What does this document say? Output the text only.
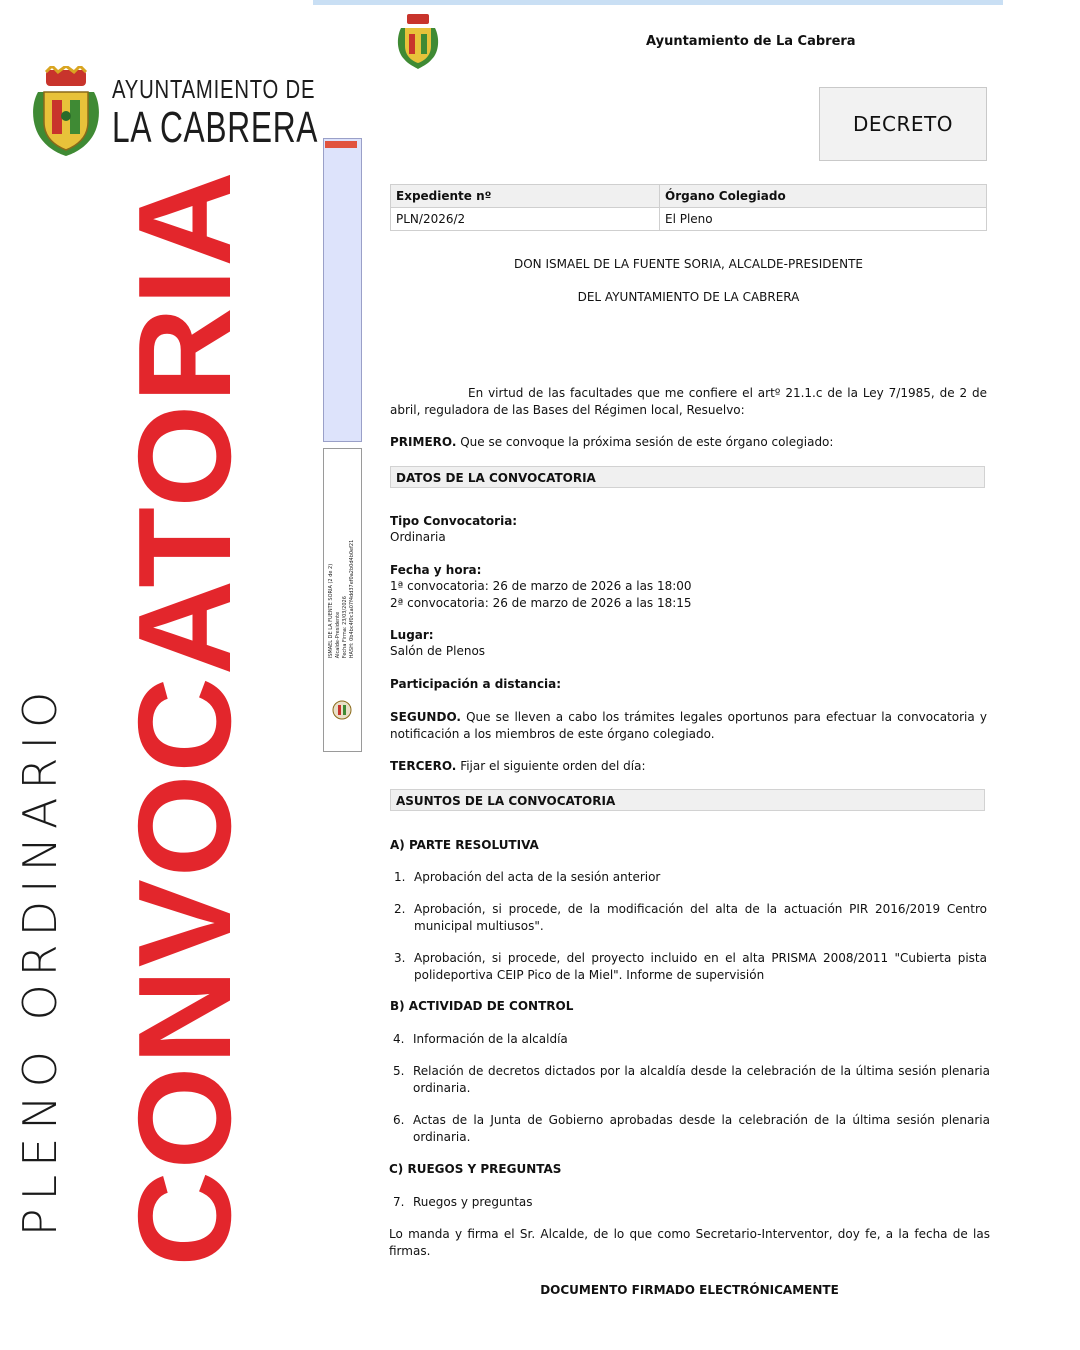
AYUNTAMIENTO DE
LA CABRERA
CONVOCATORIA
PLENO ORDINARIO
Ayuntamiento de La Cabrera
DECRETO
ISMAEL DE LA FUENTE SORIA (2 de 2) Alcalde-Presidente Fecha Firma: 23/03/2026 HASH: 0b4bc4f0c1a07f4dd37ef0a2b0d4b0ef21
Expediente nº	Órgano Colegiado
PLN/2026/2	El Pleno
DON ISMAEL DE LA FUENTE SORIA, ALCALDE-PRESIDENTE
DEL AYUNTAMIENTO DE LA CABRERA
En virtud de las facultades que me confiere el artº 21.1.c de la Ley 7/1985, de 2 de abril, reguladora de las Bases del Régimen local, Resuelvo:
PRIMERO. Que se convoque la próxima sesión de este órgano colegiado:
DATOS DE LA CONVOCATORIA
Tipo Convocatoria:
Ordinaria
Fecha y hora:
1ª convocatoria: 26 de marzo de 2026 a las 18:00
2ª convocatoria: 26 de marzo de 2026 a las 18:15
Lugar:
Salón de Plenos
Participación a distancia:
SEGUNDO. Que se lleven a cabo los trámites legales oportunos para efectuar la convocatoria y notificación a los miembros de este órgano colegiado.
TERCERO. Fijar el siguiente orden del día:
ASUNTOS DE LA CONVOCATORIA
A) PARTE RESOLUTIVA
1. Aprobación del acta de la sesión anterior
2. Aprobación, si procede, de la modificación del alta de la actuación PIR 2016/2019 Centro municipal multiusos".
3. Aprobación, si procede, del proyecto incluido en el alta PRISMA 2008/2011 "Cubierta pista polideportiva CEIP Pico de la Miel". Informe de supervisión
B) ACTIVIDAD DE CONTROL
4. Información de la alcaldía
5. Relación de decretos dictados por la alcaldía desde la celebración de la última sesión plenaria ordinaria.
6. Actas de la Junta de Gobierno aprobadas desde la celebración de la última sesión plenaria ordinaria.
C) RUEGOS Y PREGUNTAS
7. Ruegos y preguntas
Lo manda y firma el Sr. Alcalde, de lo que como Secretario-Interventor, doy fe, a la fecha de las firmas.
DOCUMENTO FIRMADO ELECTRÓNICAMENTE
